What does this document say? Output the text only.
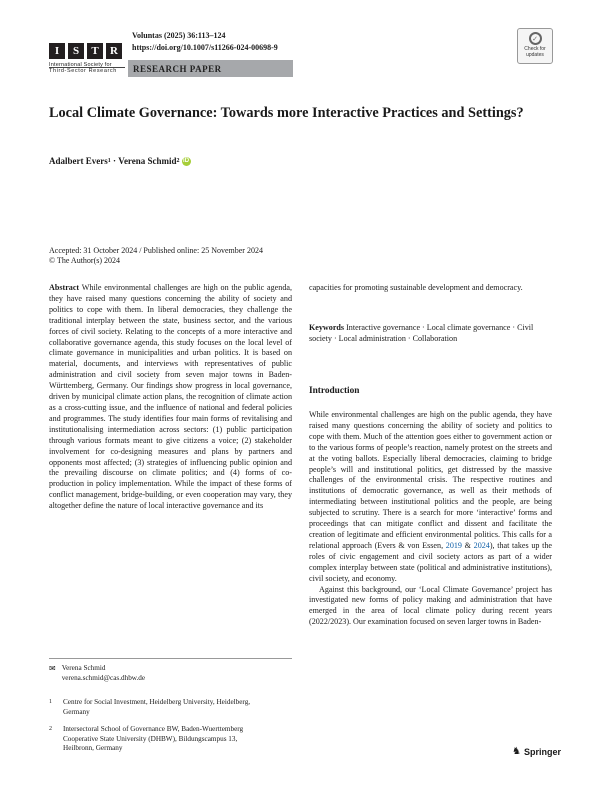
I	S	T	R
International Society for
Third-Sector Research
Voluntas (2025) 36:113–124
https://doi.org/10.1007/s11266-024-00698-9
RESEARCH PAPER
✓
Check for
updates
Local Climate Governance: Towards more Interactive Practices and Settings?
Adalbert Evers 1 · Verena Schmid 2 iD
Accepted: 31 October 2024 / Published online: 25 November 2024
© The Author(s) 2024

Abstract While environmental challenges are high on the public agenda, they have raised many questions concerning the ability of society and politics to cope with them. In liberal democracies, they challenge the traditional interplay between the state, business sector, and the various forces of civil society. Relating to the concepts of a more interactive and collaborative governance agenda, this study focuses on the local level of climate governance in municipalities and urban politics. It is based on material, documents, and interviews with representatives of public administration and civil society from seven major towns in Baden-Württemberg, Germany. Our findings show progress in local governance, driven by municipal climate action plans, the recognition of climate action as a cross-cutting issue, and the influence of national and federal policies and programmes. The study identifies four main forms of revitalising and institutionalising intermediation across sectors: (1) public participation through various formats meant to give citizens a voice; (2) stakeholder involvement for co-designing measures and plans by partners and opponents most affected; (3) strategies of influencing public opinion and the prevailing discourse on climate politics; and (4) forms of co-production in policy implementation. While the impact of these forms of conflict management, bridge-building, or even cooperation may vary, they altogether define the nature of local interactive governance and its

capacities for promoting sustainable development and democracy.

Keywords Interactive governance · Local climate governance · Civil society · Local administration · Collaboration
Introduction

While environmental challenges are high on the public agenda, they have raised many questions concerning the ability of society and politics to cope with them. Much of the attention goes either to government action or to the various forms of people’s reaction, namely protest on the streets and at the voting ballots. Especially liberal democracies, claiming to bridge people’s will and institutional politics, get distressed by the massive challenges of the environmental crisis. The respective routines and institutions of democratic governance, as well as their methods of intermediating between institutional politics and the people, are being subjected to scrutiny. There is a search for more ‘interactive’ forms and proceedings that can mitigate conflict and dissent and facilitate the creation of legitimate and efficient environmental politics. This calls for a relational approach (Evers & von Essen, 2019 & 2024), that takes up the roles of civic engagement and civil society actors as part of a wider complex interplay between state (political and administrative institutions), civil society, and economy.

Against this background, our ‘Local Climate Governance’ project has investigated new forms of policy making and administration that have emerged in the area of local climate policy during recent years (2022/2023). Our examination focused on seven larger towns in Baden-

✉ Verena Schmid
verena.schmid@cas.dhbw.de
1 Centre for Social Investment, Heidelberg University, Heidelberg, Germany
2 Intersectoral School of Governance BW, Baden-Wuerttemberg Cooperative State University (DHBW), Bildungscampus 13, Heilbronn, Germany	♞ Springer
